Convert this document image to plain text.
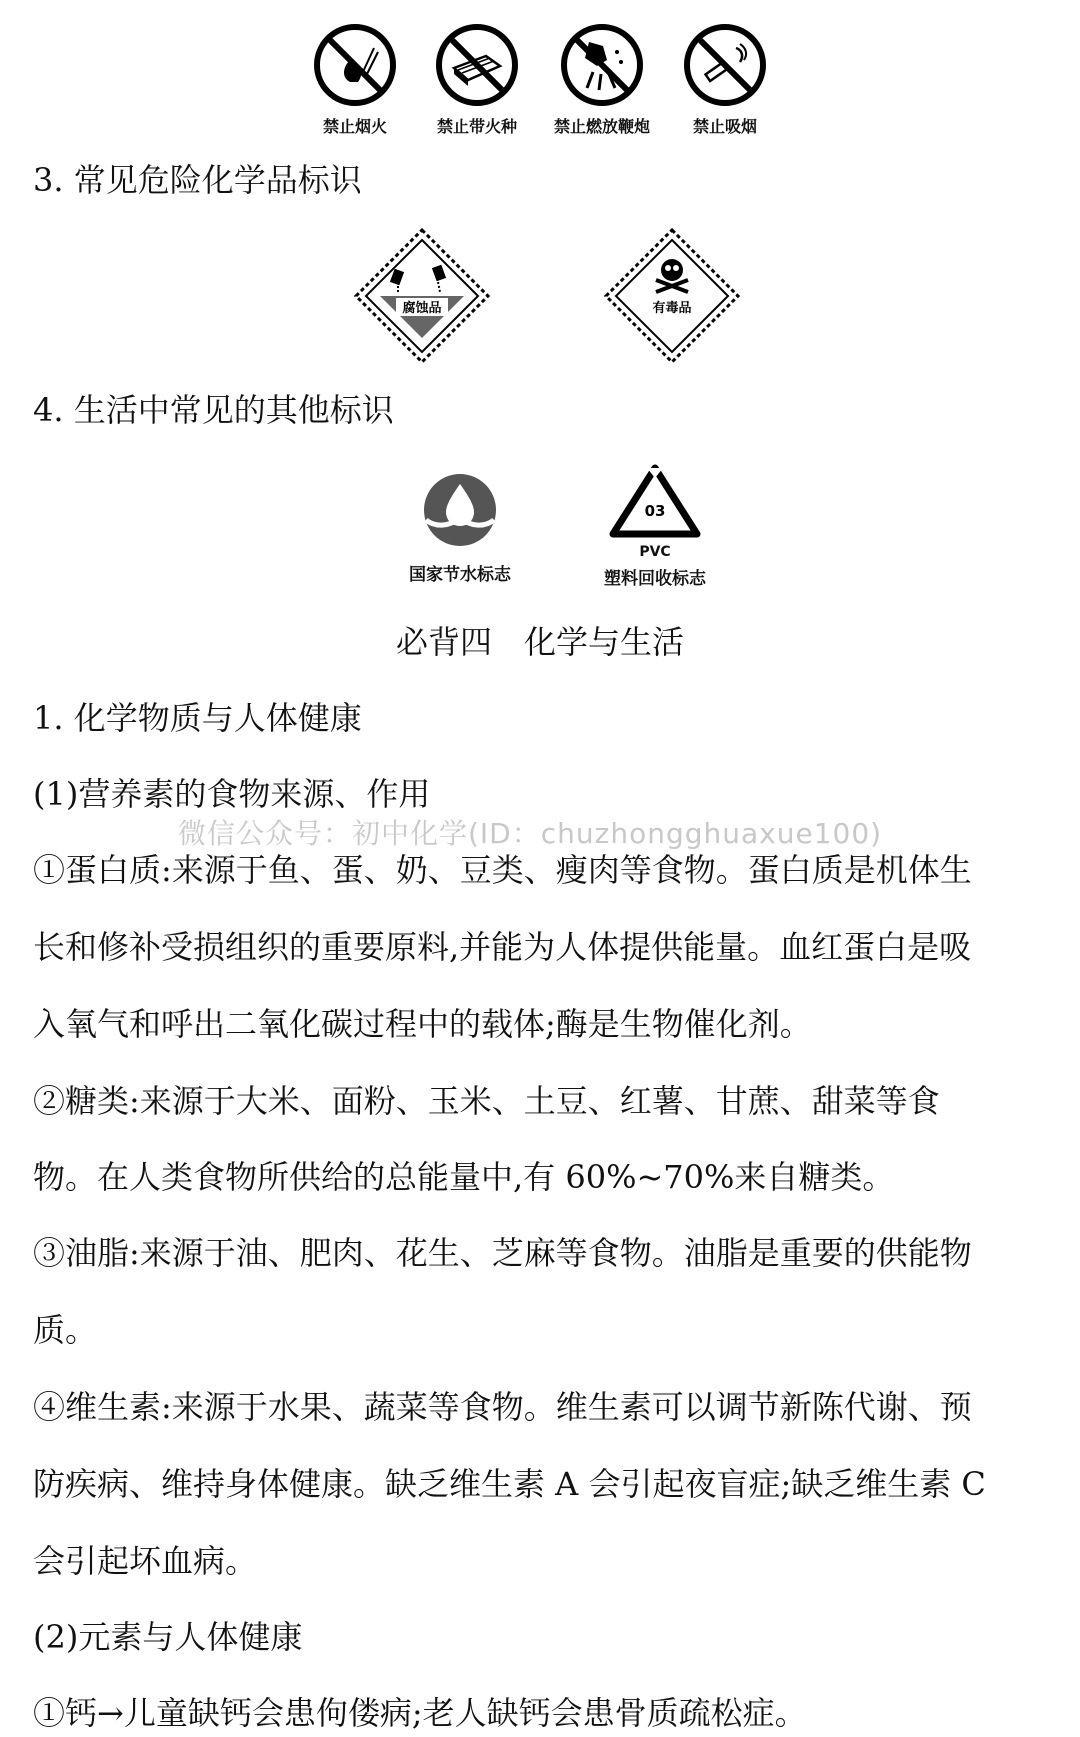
禁止烟火	禁止带火种	禁止燃放鞭炮	禁止吸烟
3. 常见危险化学品标识
腐蚀品	有毒品
4. 生活中常见的其他标识
国家节水标志
03
PVC
塑料回收标志
必背四　化学与生活
1. 化学物质与人体健康
(1)营养素的食物来源、作用
微信公众号：初中化学(ID：chuzhongghuaxue100)
①蛋白质:来源于鱼、蛋、奶、豆类、瘦肉等食物。蛋白质是机体生
长和修补受损组织的重要原料,并能为人体提供能量。血红蛋白是吸
入氧气和呼出二氧化碳过程中的载体;酶是生物催化剂。
②糖类:来源于大米、面粉、玉米、土豆、红薯、甘蔗、甜菜等食
物。在人类食物所供给的总能量中,有 60%~70%来自糖类。
③油脂:来源于油、肥肉、花生、芝麻等食物。油脂是重要的供能物
质。
④维生素:来源于水果、蔬菜等食物。维生素可以调节新陈代谢、预
防疾病、维持身体健康。缺乏维生素 A 会引起夜盲症;缺乏维生素 C
会引起坏血病。
(2)元素与人体健康
①钙→儿童缺钙会患佝偻病;老人缺钙会患骨质疏松症。
